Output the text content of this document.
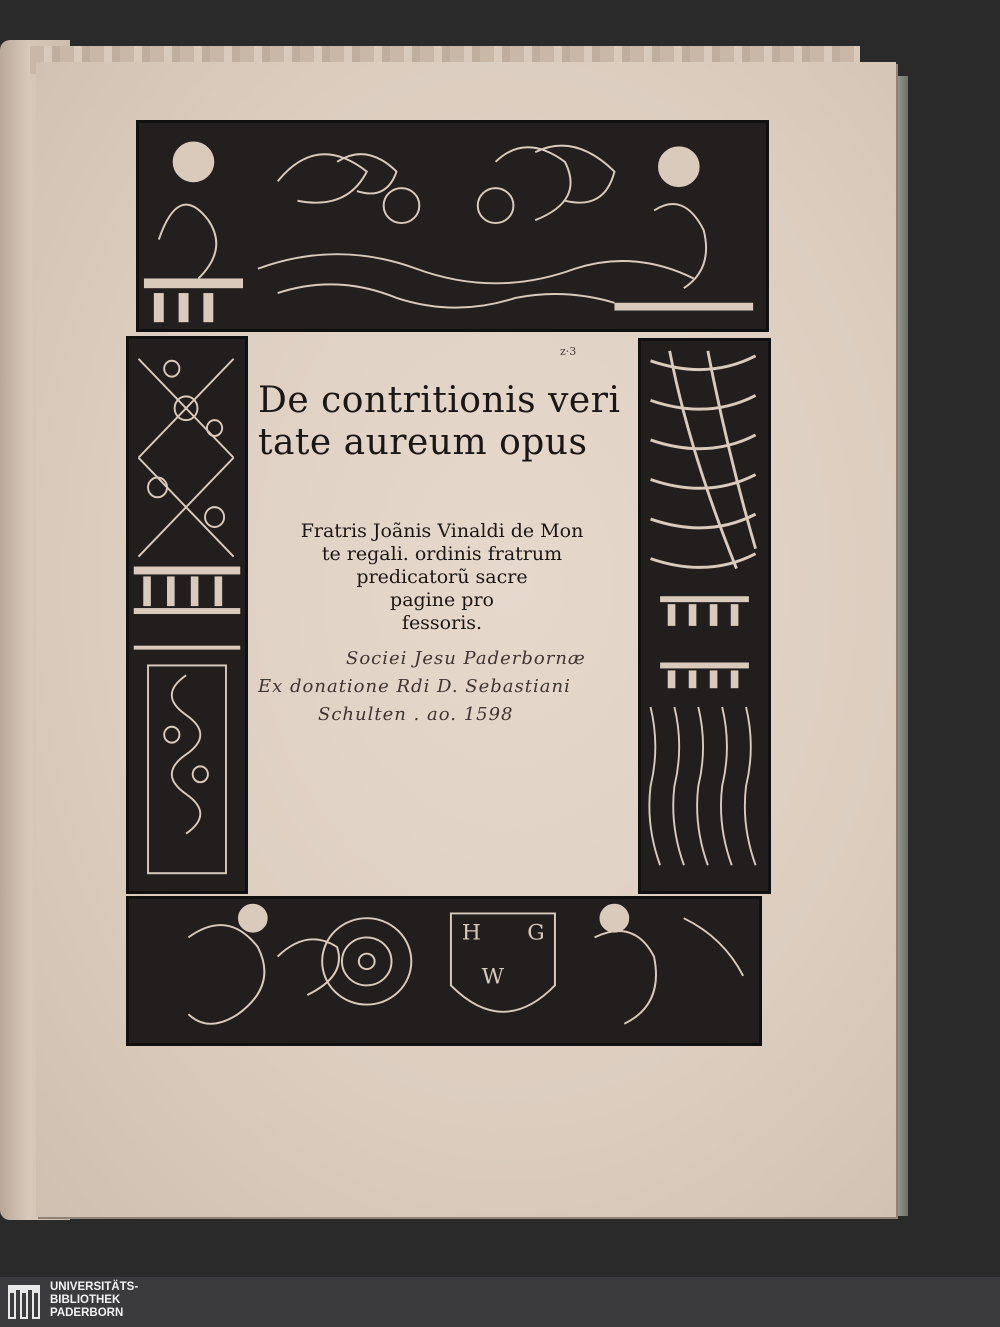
H G
W
z·3
De contritionis veri
tate aureum opus
Fratris Joãnis Vinaldi de Mon
te regali. ordinis fratrum
predicatorũ sacre
pagine pro
fessoris.
Sociei Jesu Paderbornæ
Ex donatione Rdi D. Sebastiani
Schulten . ao. 1598
UNIVERSITÄTS-
BIBLIOTHEK
PADERBORN
